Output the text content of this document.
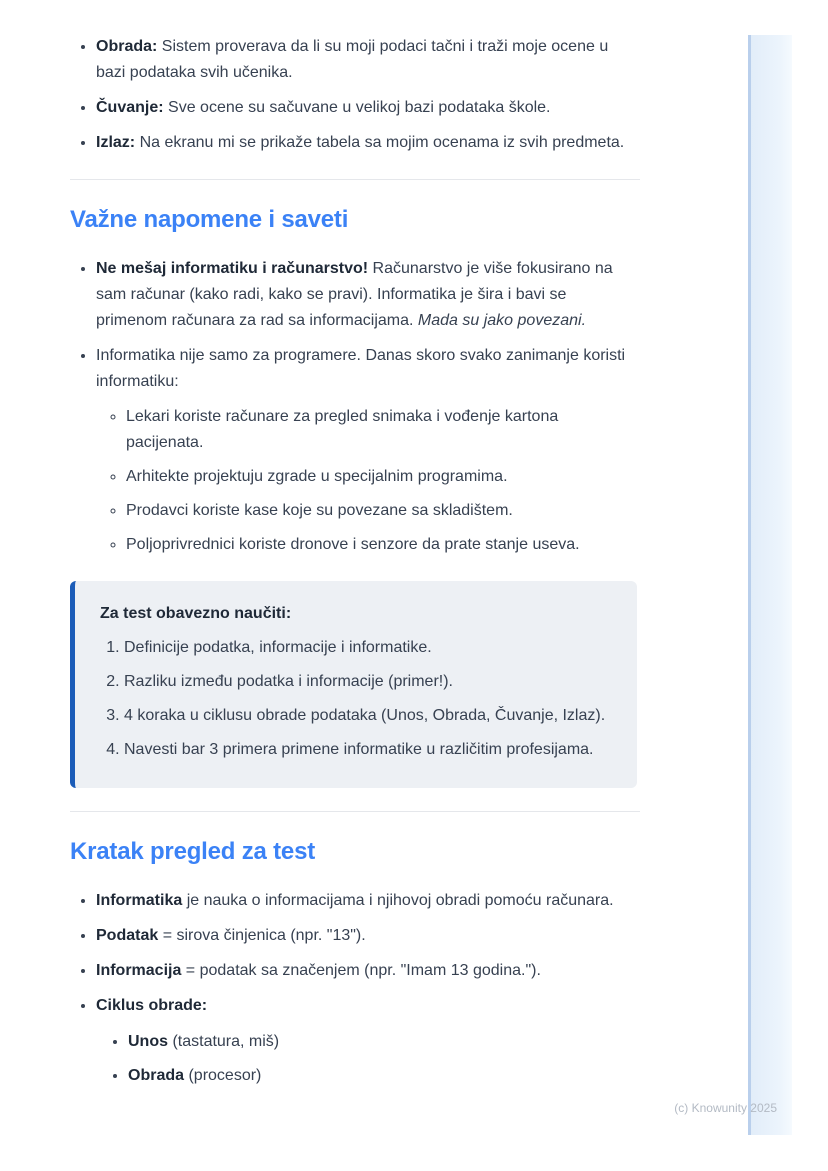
• Obrada: Sistem proverava da li su moji podaci tačni i traži moje ocene u bazi podataka svih učenika.
• Čuvanje: Sve ocene su sačuvane u velikoj bazi podataka škole.
• Izlaz: Na ekranu mi se prikaže tabela sa mojim ocenama iz svih predmeta.
Važne napomene i saveti
• Ne mešaj informatiku i računarstvo! Računarstvo je više fokusirano na sam računar (kako radi, kako se pravi). Informatika je šira i bavi se primenom računara za rad sa informacijama. Mada su jako povezani.
• Informatika nije samo za programere. Danas skoro svako zanimanje koristi informatiku:
◦ Lekari koriste računare za pregled snimaka i vođenje kartona pacijenata.
◦ Arhitekte projektuju zgrade u specijalnim programima.
◦ Prodavci koriste kase koje su povezane sa skladištem.
◦ Poljoprivrednici koriste dronove i senzore da prate stanje useva.
Za test obavezno naučiti:
1. Definicije podatka, informacije i informatike.
2. Razliku između podatka i informacije (primer!).
3. 4 koraka u ciklusu obrade podataka (Unos, Obrada, Čuvanje, Izlaz).
4. Navesti bar 3 primera primene informatike u različitim profesijama.
Kratak pregled za test
• Informatika je nauka o informacijama i njihovoj obradi pomoću računara.
• Podatak = sirova činjenica (npr. "13").
• Informacija = podatak sa značenjem (npr. "Imam 13 godina.").
• Ciklus obrade:
• Unos (tastatura, miš)
• Obrada (procesor)
(c) Knowunity 2025
